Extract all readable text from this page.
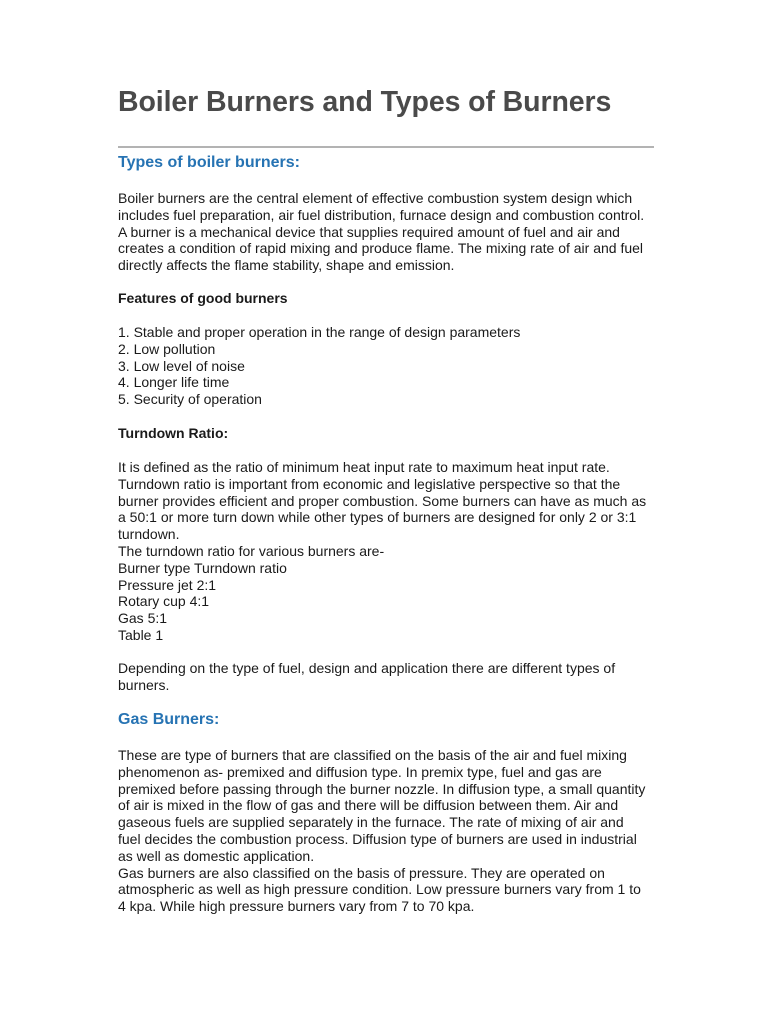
Boiler Burners and Types of Burners
Types of boiler burners:
Boiler burners are the central element of effective combustion system design which
includes fuel preparation, air fuel distribution, furnace design and combustion control.
A burner is a mechanical device that supplies required amount of fuel and air and
creates a condition of rapid mixing and produce flame. The mixing rate of air and fuel
directly affects the flame stability, shape and emission.
Features of good burners
1. Stable and proper operation in the range of design parameters
2. Low pollution
3. Low level of noise
4. Longer life time
5. Security of operation
Turndown Ratio:
It is defined as the ratio of minimum heat input rate to maximum heat input rate.
Turndown ratio is important from economic and legislative perspective so that the
burner provides efficient and proper combustion. Some burners can have as much as
a 50:1 or more turn down while other types of burners are designed for only 2 or 3:1
turndown.
The turndown ratio for various burners are-
Burner type Turndown ratio
Pressure jet 2:1
Rotary cup 4:1
Gas 5:1
Table 1
Depending on the type of fuel, design and application there are different types of
burners.
Gas Burners:
These are type of burners that are classified on the basis of the air and fuel mixing
phenomenon as- premixed and diffusion type. In premix type, fuel and gas are
premixed before passing through the burner nozzle. In diffusion type, a small quantity
of air is mixed in the flow of gas and there will be diffusion between them. Air and
gaseous fuels are supplied separately in the furnace. The rate of mixing of air and
fuel decides the combustion process. Diffusion type of burners are used in industrial
as well as domestic application.
Gas burners are also classified on the basis of pressure. They are operated on
atmospheric as well as high pressure condition. Low pressure burners vary from 1 to
4 kpa. While high pressure burners vary from 7 to 70 kpa.
